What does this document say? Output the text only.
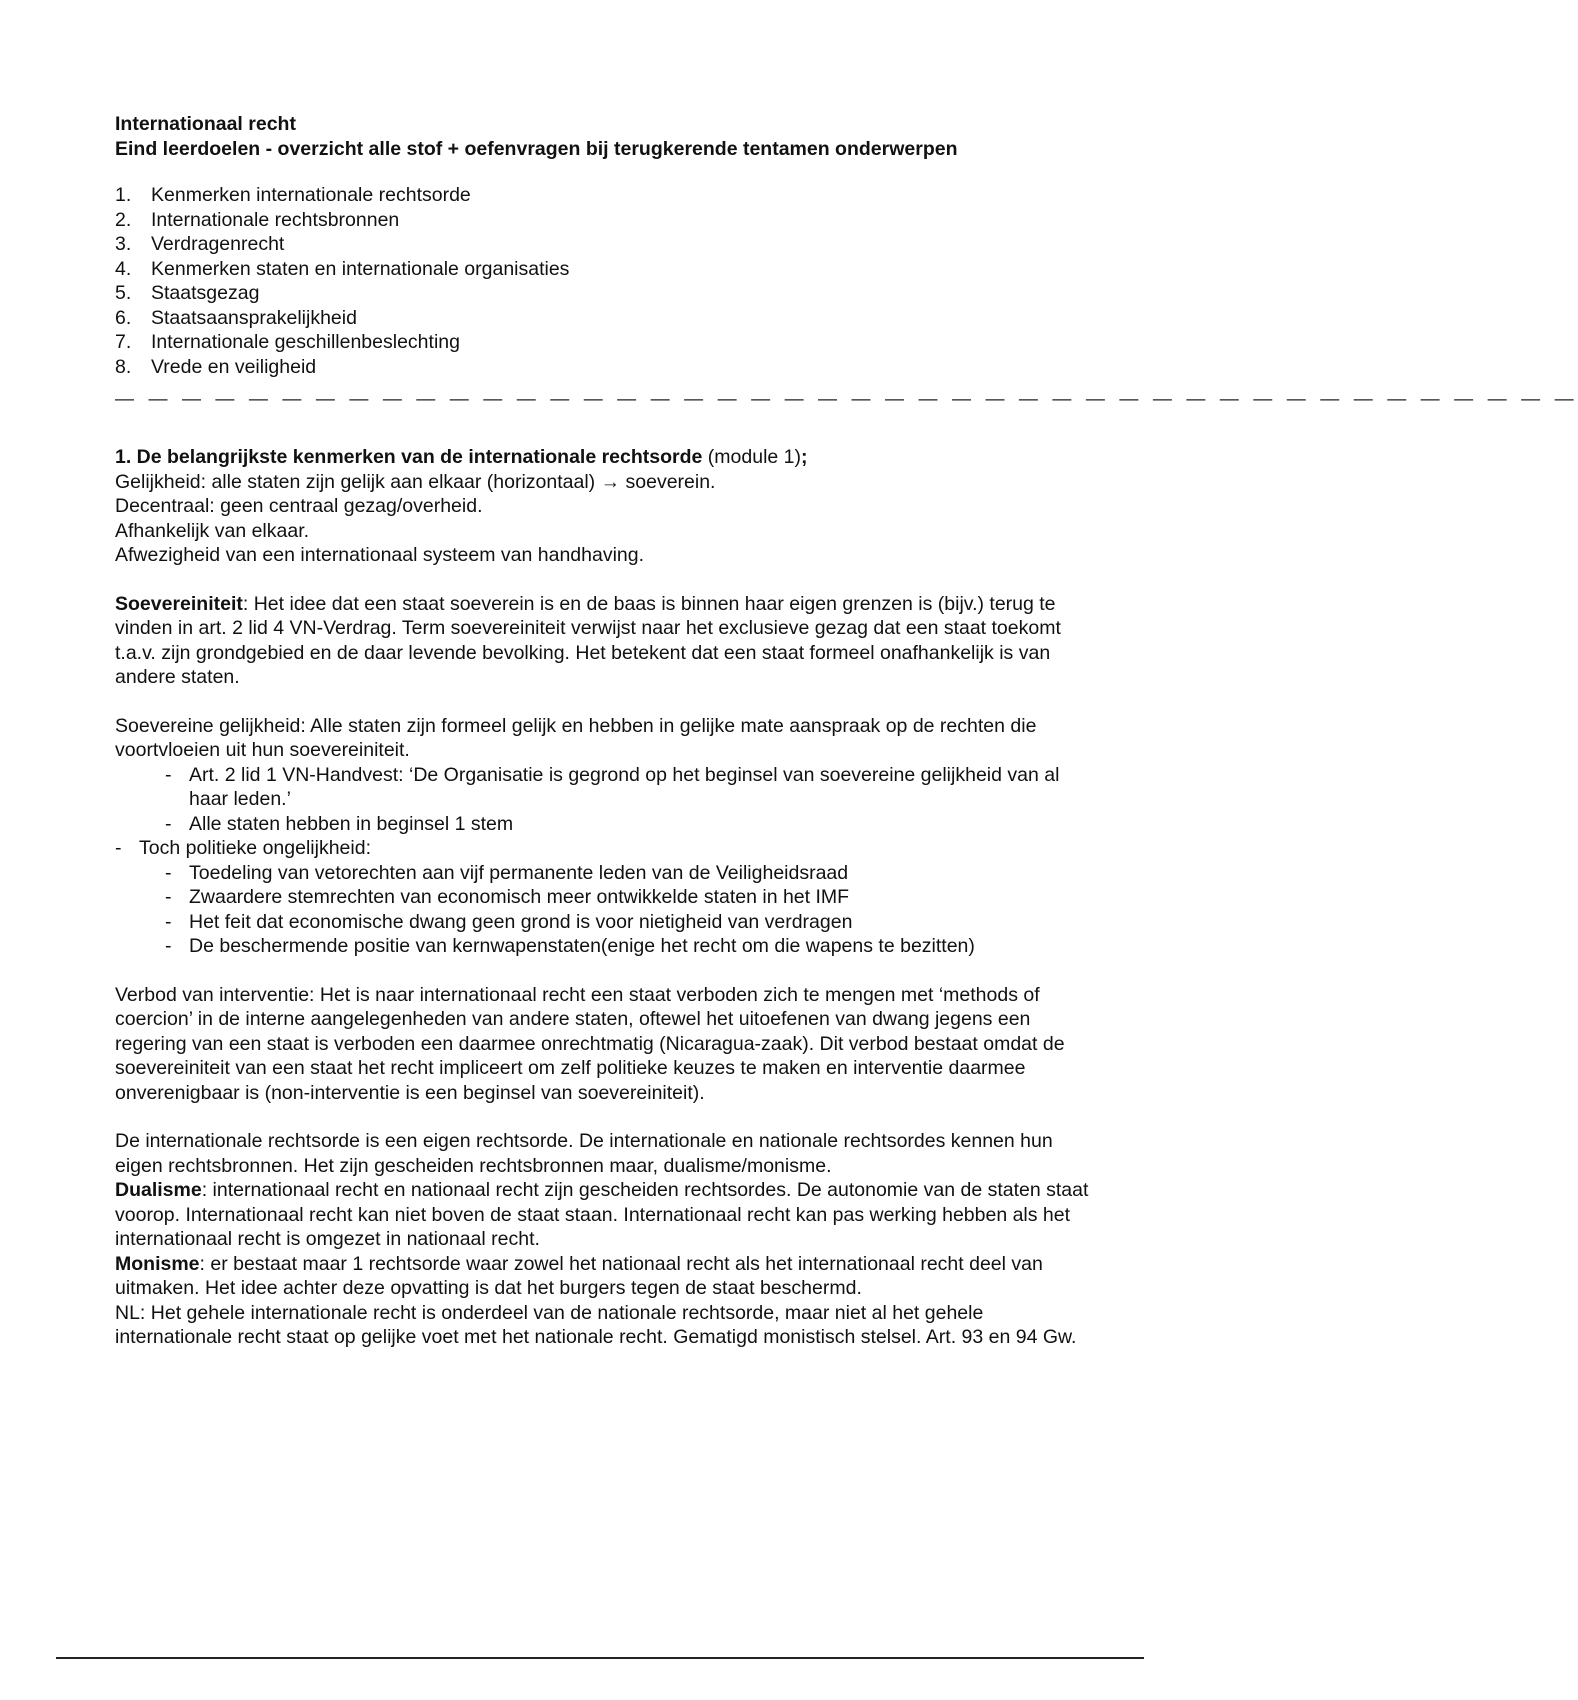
Internationaal recht

Eind leerdoelen - overzicht alle stof + oefenvragen bij terugkerende tentamen onderwerpen

1.	Kenmerken internationale rechtsorde
2.	Internationale rechtsbronnen
3.	Verdragenrecht
4.	Kenmerken staten en internationale organisaties
5.	Staatsgezag
6.	Staatsaansprakelijkheid
7.	Internationale geschillenbeslechting
8.	Vrede en veiligheid
— — — — — — — — — — — — — — — — — — — — — — — — — — — — — — — — — — — — — — — — — — — —
1. De belangrijkste kenmerken van de internationale rechtsorde (module 1);

Gelijkheid: alle staten zijn gelijk aan elkaar (horizontaal) → soeverein.

Decentraal: geen centraal gezag/overheid.

Afhankelijk van elkaar.

Afwezigheid van een internationaal systeem van handhaving.

Soevereiniteit: Het idee dat een staat soeverein is en de baas is binnen haar eigen grenzen is (bijv.) terug te vinden in art. 2 lid 4 VN-Verdrag. Term soevereiniteit verwijst naar het exclusieve gezag dat een staat toekomt t.a.v. zijn grondgebied en de daar levende bevolking. Het betekent dat een staat formeel onafhankelijk is van andere staten.

Soevereine gelijkheid: Alle staten zijn formeel gelijk en hebben in gelijke mate aanspraak op de rechten die voortvloeien uit hun soevereiniteit.

- Art. 2 lid 1 VN-Handvest: ‘De Organisatie is gegrond op het beginsel van soevereine gelijkheid van al haar leden.’
- Alle staten hebben in beginsel 1 stem
- Toch politieke ongelijkheid:
- Toedeling van vetorechten aan vijf permanente leden van de Veiligheidsraad
- Zwaardere stemrechten van economisch meer ontwikkelde staten in het IMF
- Het feit dat economische dwang geen grond is voor nietigheid van verdragen
- De beschermende positie van kernwapenstaten(enige het recht om die wapens te bezitten)

Verbod van interventie: Het is naar internationaal recht een staat verboden zich te mengen met ‘methods of coercion’ in de interne aangelegenheden van andere staten, oftewel het uitoefenen van dwang jegens een regering van een staat is verboden een daarmee onrechtmatig (Nicaragua-zaak). Dit verbod bestaat omdat de soevereiniteit van een staat het recht impliceert om zelf politieke keuzes te maken en interventie daarmee onverenigbaar is (non-interventie is een beginsel van soevereiniteit).

De internationale rechtsorde is een eigen rechtsorde. De internationale en nationale rechtsordes kennen hun eigen rechtsbronnen. Het zijn gescheiden rechtsbronnen maar, dualisme/monisme.

Dualisme: internationaal recht en nationaal recht zijn gescheiden rechtsordes. De autonomie van de staten staat voorop. Internationaal recht kan niet boven de staat staan. Internationaal recht kan pas werking hebben als het internationaal recht is omgezet in nationaal recht.

Monisme: er bestaat maar 1 rechtsorde waar zowel het nationaal recht als het internationaal recht deel van uitmaken. Het idee achter deze opvatting is dat het burgers tegen de staat beschermd.

NL: Het gehele internationale recht is onderdeel van de nationale rechtsorde, maar niet al het gehele internationale recht staat op gelijke voet met het nationale recht. Gematigd monistisch stelsel. Art. 93 en 94 Gw.
